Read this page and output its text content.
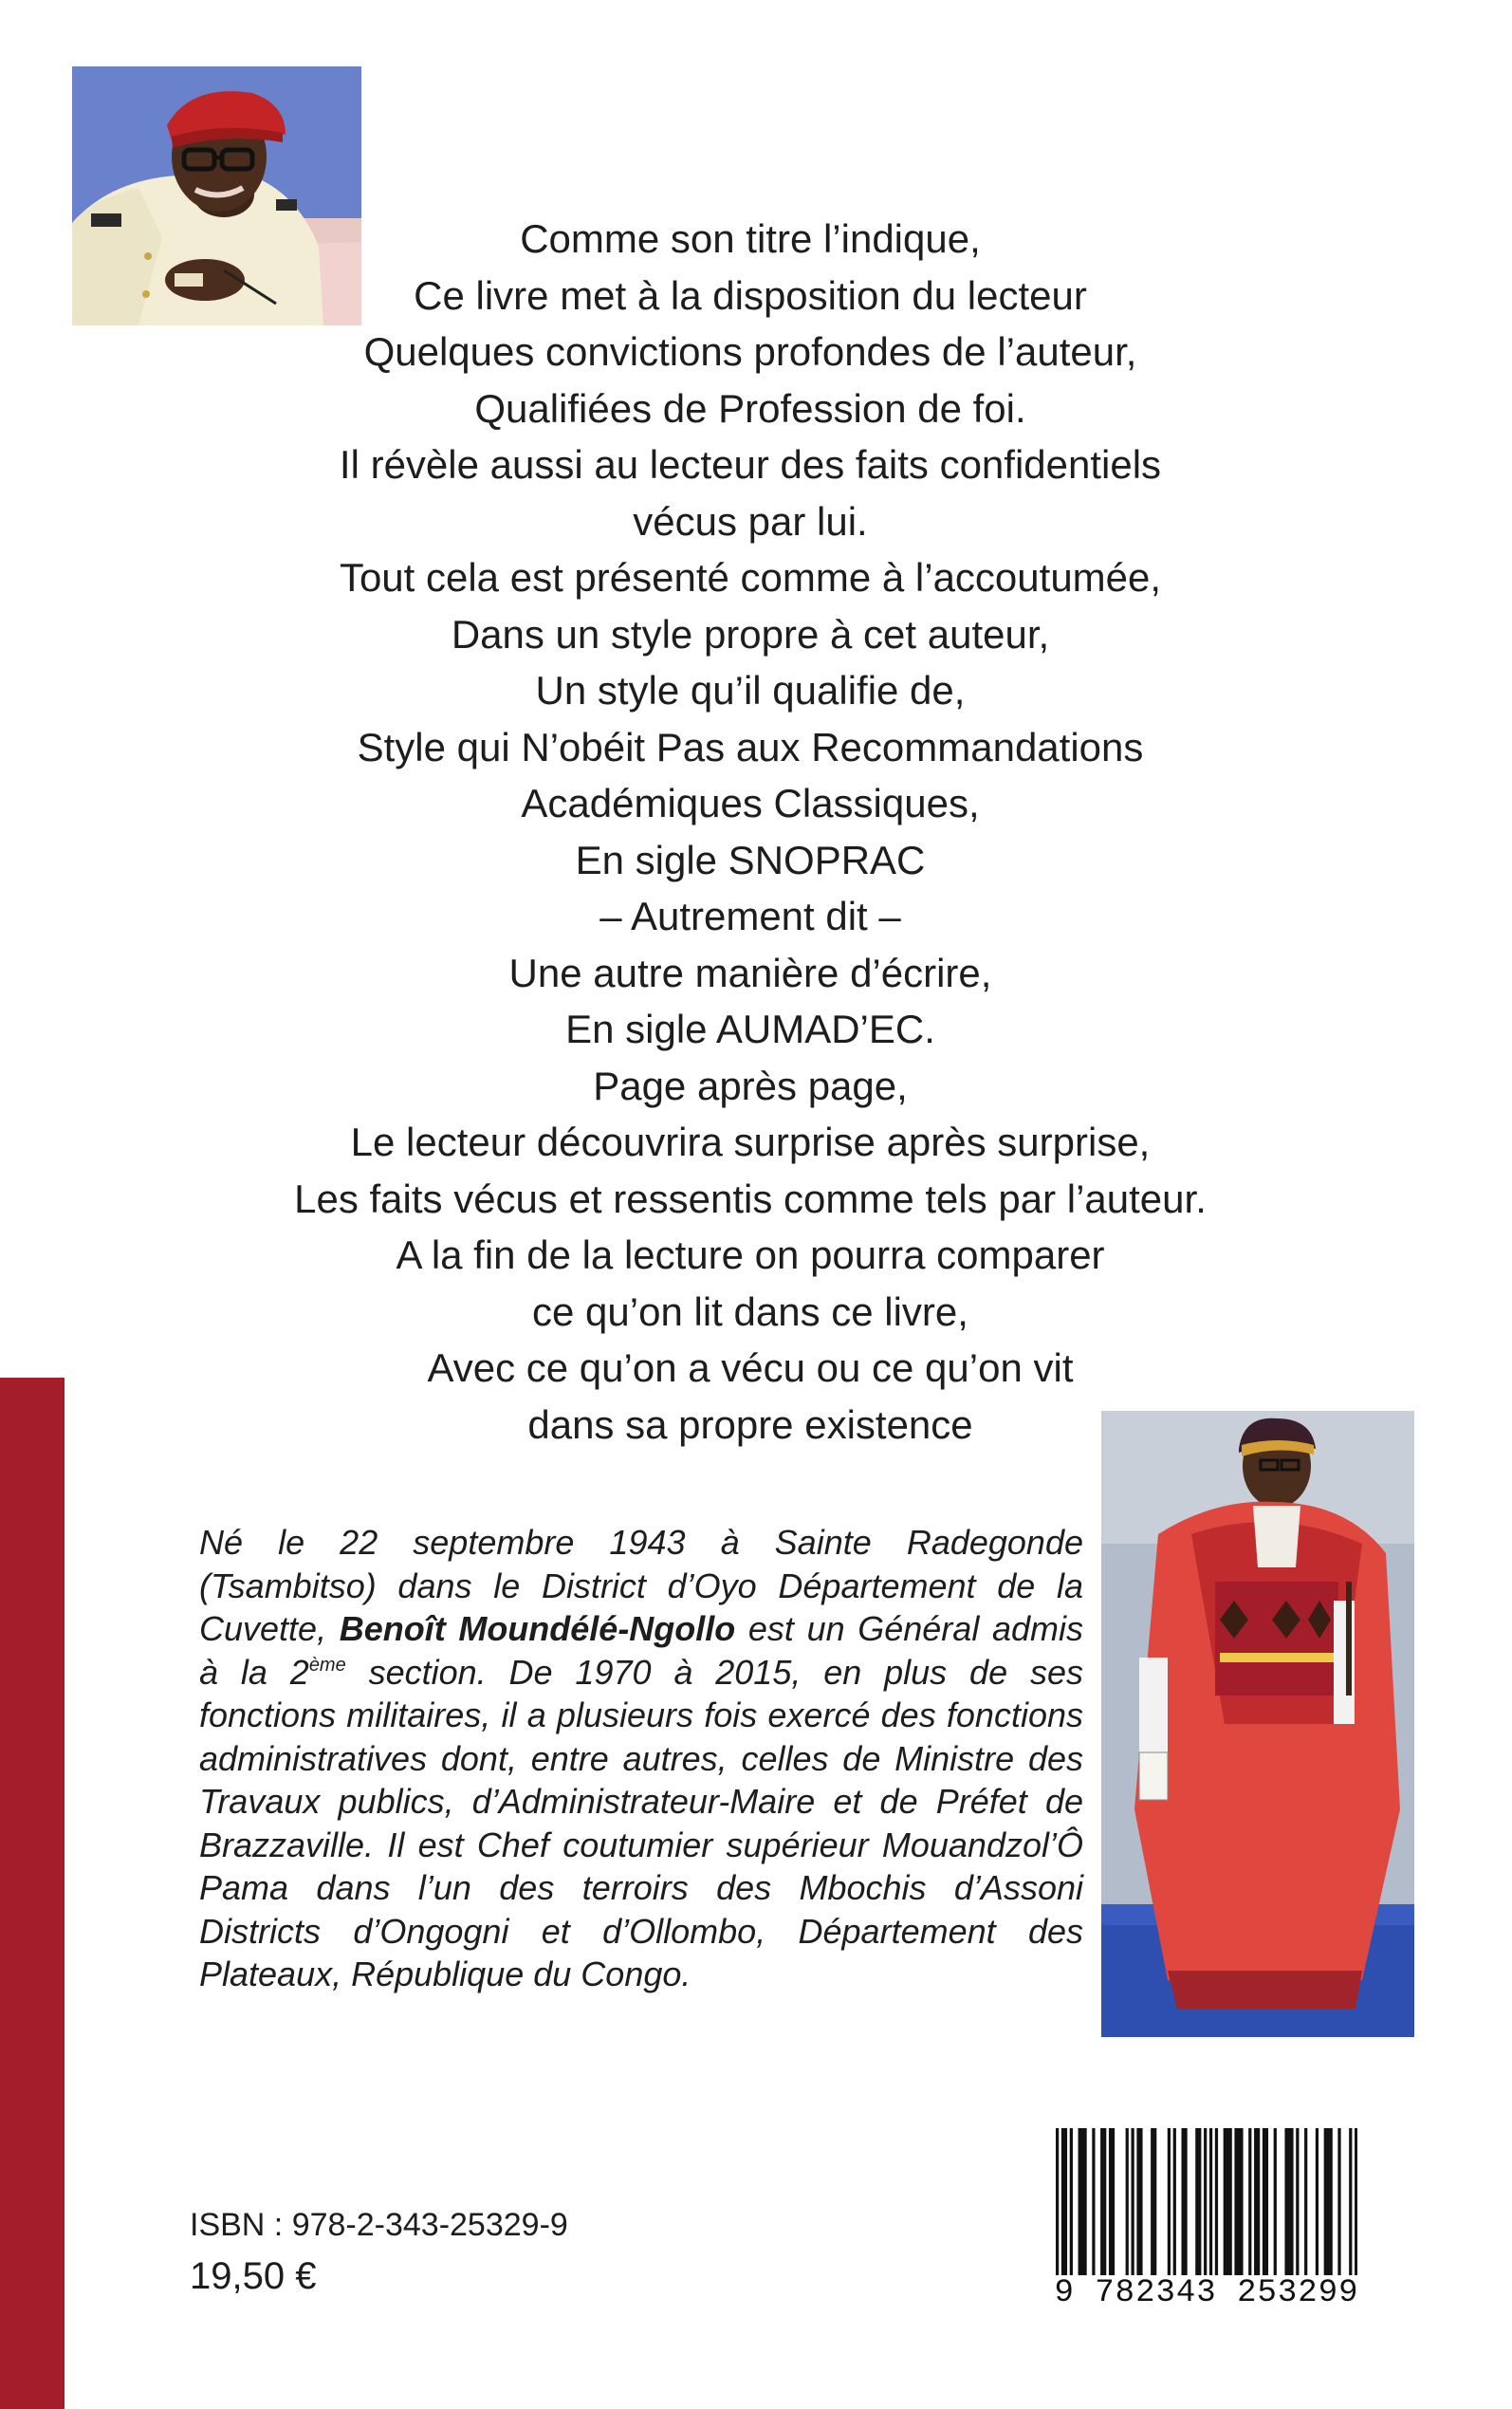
Comme son titre l’indique,
Ce livre met à la disposition du lecteur
Quelques convictions profondes de l’auteur,
Qualifiées de Profession de foi.
Il révèle aussi au lecteur des faits confidentiels
vécus par lui.
Tout cela est présenté comme à l’accoutumée,
Dans un style propre à cet auteur,
Un style qu’il qualifie de,
Style qui N’obéit Pas aux Recommandations
Académiques Classiques,
En sigle SNOPRAC
– Autrement dit –
Une autre manière d’écrire,
En sigle AUMAD’EC.
Page après page,
Le lecteur découvrira surprise après surprise,
Les faits vécus et ressentis comme tels par l’auteur.
A la fin de la lecture on pourra comparer
ce qu’on lit dans ce livre,
Avec ce qu’on a vécu ou ce qu’on vit
dans sa propre existence

Né le 22 septembre 1943 à Sainte Radegonde (Tsambitso) dans le District d’Oyo Département de la Cuvette, Benoît Moundélé-Ngollo est un Général admis à la 2ème section. De 1970 à 2015, en plus de ses fonctions militaires, il a plusieurs fois exercé des fonctions administratives dont, entre autres, celles de Ministre des Travaux publics, d’Administrateur-Maire et de Préfet de Brazzaville. Il est Chef coutumier supérieur Mouandzol’Ô Pama dans l’un des terroirs des Mbochis d’Assoni Districts d’Ongogni et d’Ollombo, Département des Plateaux, République du Congo.

ISBN : 978-2-343-25329-9
19,50 €	9 782343 253299
